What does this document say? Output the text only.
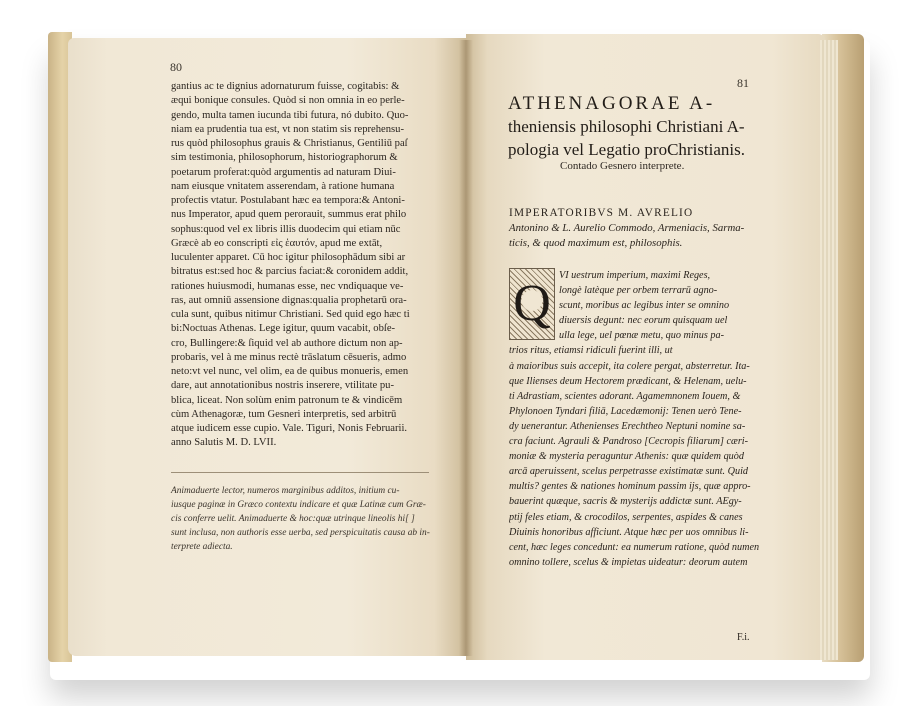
80
gantius ac te dignius adornaturum fuisse, cogitabis: &
æqui bonique consules. Quòd si non omnia in eo perle-
gendo, multa tamen iucunda tibi futura, nó dubito. Quo-
niam ea prudentia tua est, vt non statim sis reprehensu-
rus quòd philosophus grauis & Christianus, Gentiliū paſ
sim testimonia, philosophorum, historiographorum &
poetarum proferat:quòd argumentis ad naturam Diui-
nam eiusque vnitatem asserendam, à ratione humana
profectis vtatur. Postulabant hæc ea tempora:& Antoni-
nus Imperator, apud quem perorauit, summus erat philo
sophus:quod vel ex libris illis duodecim qui etiam nūc
Græcè ab eo conscripti εἰς ἑαυτόν, apud me extāt,
luculenter apparet. Cū hoc igitur philosophādum sibi ar
bitratus est:sed hoc & parcius faciat:& coronidem addit,
rationes huiusmodi, humanas esse, nec vndiquaque ve-
ras, aut omniū assensione dignas:qualia prophetarū ora-
cula sunt, quibus nitimur Christiani. Sed quid ego hæc ti
bi:Noctuas Athenas. Lege igitur, quum vacabit, obſe-
cro, Bullingere:& ſiquid vel ab authore dictum non ap-
probaris, vel à me minus rectè trāslatum cēsueris, admo
neto:vt vel nunc, vel olim, ea de quibus monueris, emen
dare, aut annotationibus nostris inserere, vtilitate pu-
blica, liceat. Non solùm enim patronum te & vindicēm
cùm Athenagoræ, tum Gesneri interpretis, sed arbitrū
atque iudicem esse cupio. Vale. Tiguri, Nonis Februarii.
anno Salutis M. D. LVII.
Animaduerte lector, numeros marginibus additos, initium cu-
iusque paginæ in Græco contextu indicare et quæ Latinæ cum Græ-
cis conferre uelit. Animaduerte & hoc:quæ utrinque lineolis hi[ ]
sunt inclusa, non authoris esse uerba, sed perspicuitatis causa ab in-
terprete adiecta.
81
ATHENAGORAE A-
theniensis philosophi Christiani A-
pologia vel Legatio proChristianis.
Contado Gesnero interprete.
IMPERATORIBVS M. AVRELIO
Antonino & L. Aurelio Commodo, Armeniacis, Sarma-
ticis, & quod maximum est, philosophis.
Q VI uestrum imperium, maximi Reges,
longè latèque per orbem terrarū agno-
scunt, moribus ac legibus inter se omnino
diuersis degunt: nec eorum quisquam uel
ulla lege, uel pœnæ metu, quo minus pa-
trios ritus, etiamsi ridiculi fuerint illi, ut
à maioribus suis accepit, ita colere pergat, absterretur. Ita-
que Ilienses deum Hectorem prædicant, & Helenam, uelu-
ti Adrastiam, scientes adorant. Agamemnonem Iouem, &
Phylonoen Tyndari filiā, Lacedæmonij: Tenen uerò Tene-
dy uenerantur. Athenienses Erechtheo Neptuni nomine sa-
cra faciunt. Agrauli & Pandroso [Cecropis filiarum] cæri-
moniæ & mysteria peraguntur Athenis: quæ quidem quòd
arcā aperuissent, scelus perpetrasse existimatæ sunt. Quid
multis? gentes & nationes hominum passim ijs, quæ appro-
bauerint quæque, sacris & mysterijs addictæ sunt. AEgy-
ptij feles etiam, & crocodilos, serpentes, aspides & canes
Diuinis honoribus afficiunt. Atque hæc per uos omnibus li-
cent, hæc leges concedunt: ea numerum ratione, quòd numen
omnino tollere, scelus & impietas uideatur: deorum autem
F.i.
